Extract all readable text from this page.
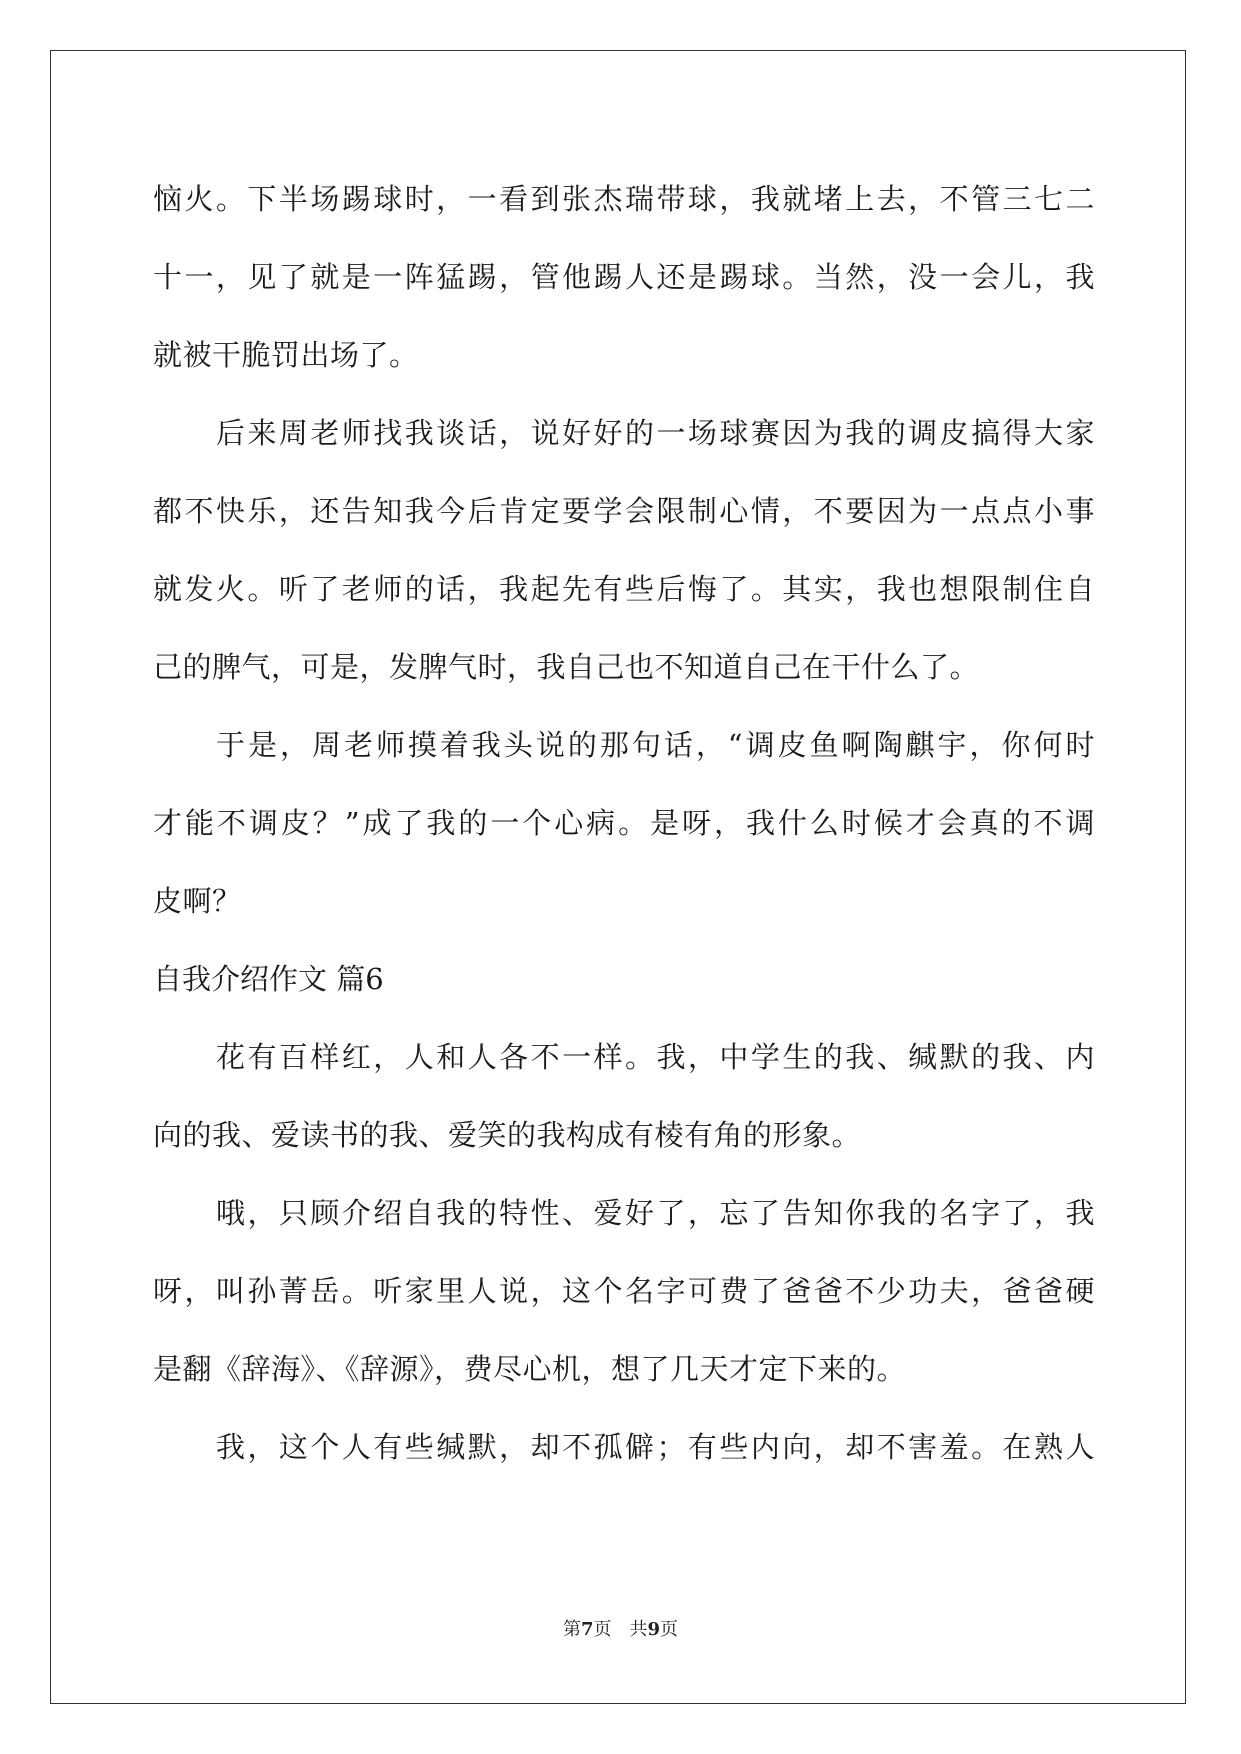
恼火。下半场踢球时，一看到张杰瑞带球，我就堵上去，不管三七二
十一，见了就是一阵猛踢，管他踢人还是踢球。当然，没一会儿，我
就被干脆罚出场了。
后来周老师找我谈话，说好好的一场球赛因为我的调皮搞得大家
都不快乐，还告知我今后肯定要学会限制心情，不要因为一点点小事
就发火。听了老师的话，我起先有些后悔了。其实，我也想限制住自
己的脾气，可是，发脾气时，我自己也不知道自己在干什么了。
于是，周老师摸着我头说的那句话，“调皮鱼啊陶麒宇，你何时
才能不调皮？”成了我的一个心病。是呀，我什么时候才会真的不调
皮啊？
自我介绍作文 篇6
花有百样红，人和人各不一样。我，中学生的我、缄默的我、内
向的我、爱读书的我、爱笑的我构成有棱有角的形象。
哦，只顾介绍自我的特性、爱好了，忘了告知你我的名字了，我
呀，叫孙菁岳。听家里人说，这个名字可费了爸爸不少功夫，爸爸硬
是翻《辞海》、《辞源》，费尽心机，想了几天才定下来的。
我，这个人有些缄默，却不孤僻；有些内向，却不害羞。在熟人
第7页 共9页
